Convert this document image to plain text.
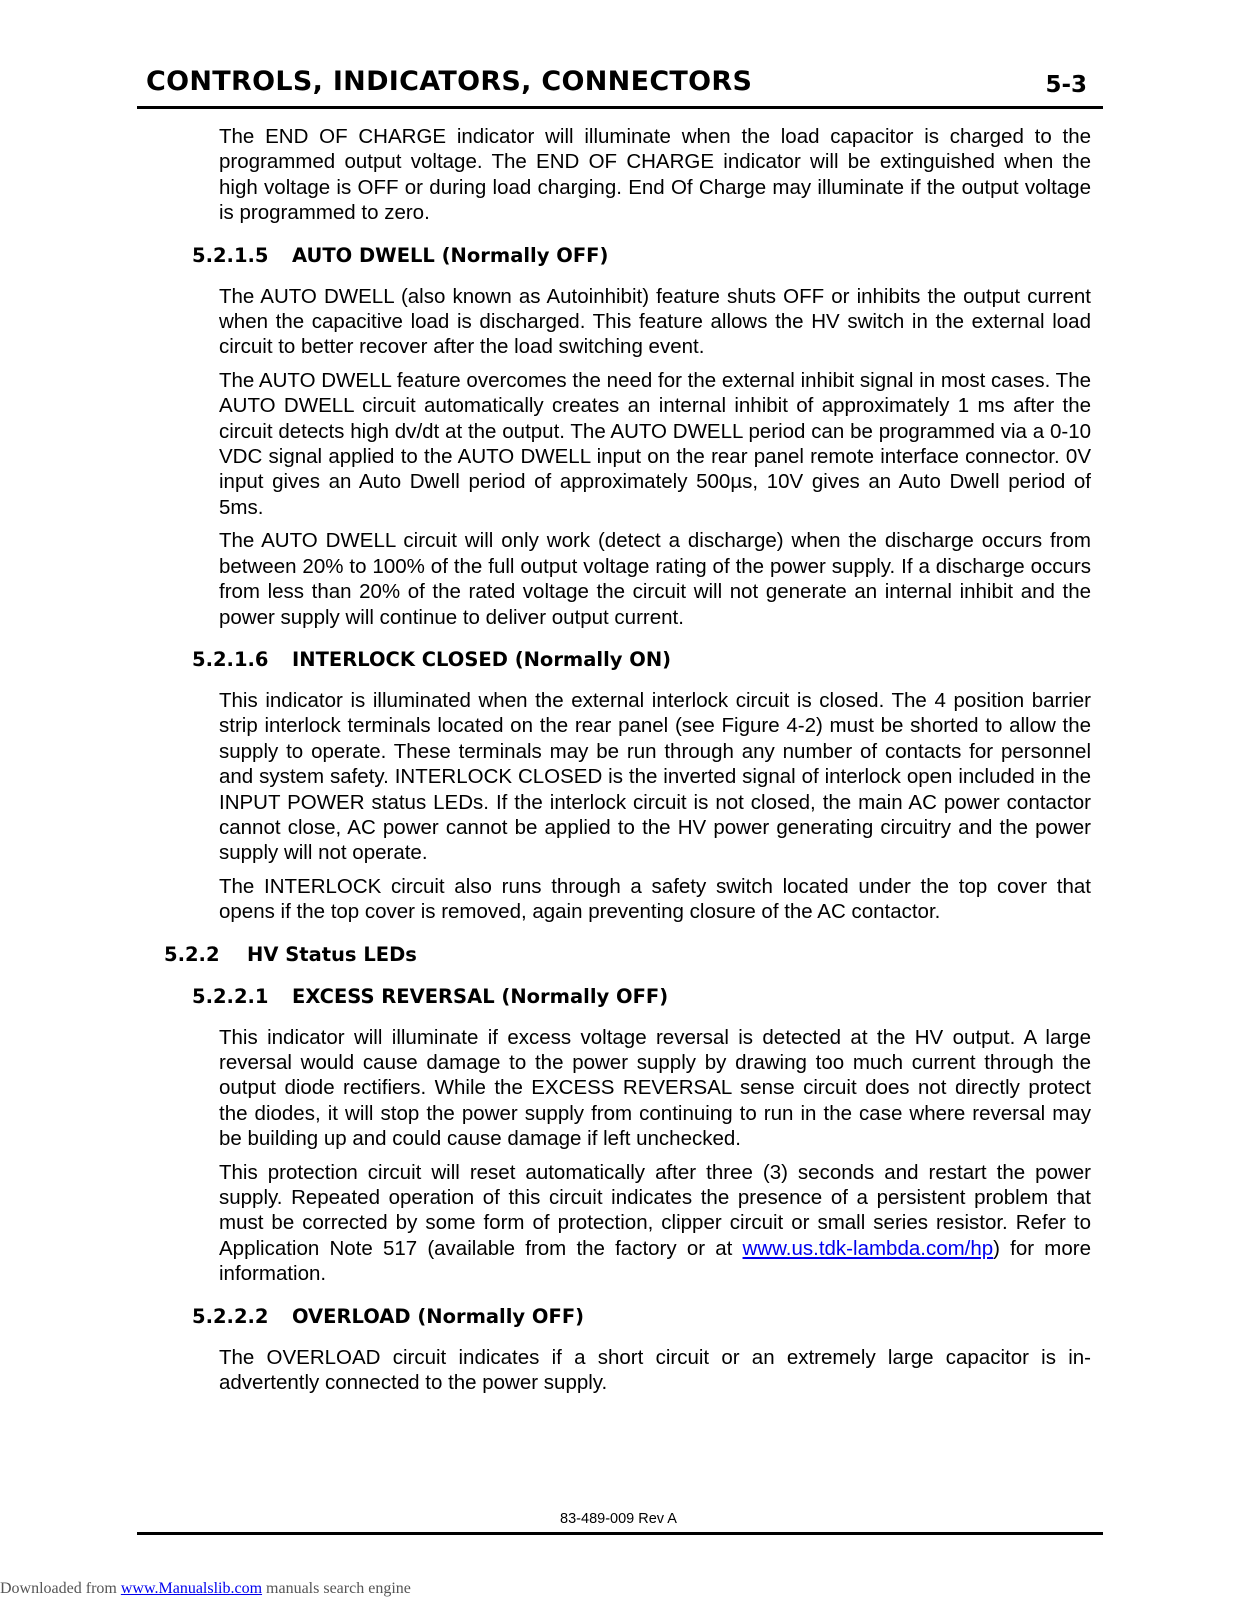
CONTROLS, INDICATORS, CONNECTORS	5-3

The END OF CHARGE indicator will illuminate when the load capacitor is charged to the programmed output voltage. The END OF CHARGE indicator will be extinguished when the high voltage is OFF or during load charging. End Of Charge may illuminate if the output voltage is programmed to zero.

5.2.1.5	AUTO DWELL (Normally OFF)

The AUTO DWELL (also known as Autoinhibit) feature shuts OFF or inhibits the output current when the capacitive load is discharged. This feature allows the HV switch in the external load circuit to better recover after the load switching event.

The AUTO DWELL feature overcomes the need for the external inhibit signal in most cases. The AUTO DWELL circuit automatically creates an internal inhibit of approximately 1 ms after the circuit detects high dv/dt at the output. The AUTO DWELL period can be programmed via a 0-10 VDC signal applied to the AUTO DWELL input on the rear panel remote interface connector. 0V input gives an Auto Dwell period of approximately 500µs, 10V gives an Auto Dwell period of 5ms.

The AUTO DWELL circuit will only work (detect a discharge) when the discharge occurs from between 20% to 100% of the full output voltage rating of the power supply. If a discharge occurs from less than 20% of the rated voltage the circuit will not generate an internal inhibit and the power supply will continue to deliver output current.

5.2.1.6	INTERLOCK CLOSED (Normally ON)

This indicator is illuminated when the external interlock circuit is closed. The 4 position barrier strip interlock terminals located on the rear panel (see Figure 4-2) must be shorted to allow the supply to operate. These terminals may be run through any number of contacts for personnel and system safety. INTERLOCK CLOSED is the inverted signal of interlock open included in the INPUT POWER status LEDs. If the interlock circuit is not closed, the main AC power contactor cannot close, AC power cannot be applied to the HV power generating circuitry and the power supply will not operate.

The INTERLOCK circuit also runs through a safety switch located under the top cover that opens if the top cover is removed, again preventing closure of the AC contactor.

5.2.2	HV Status LEDs
5.2.2.1	EXCESS REVERSAL (Normally OFF)

This indicator will illuminate if excess voltage reversal is detected at the HV output. A large reversal would cause damage to the power supply by drawing too much current through the output diode rectifiers. While the EXCESS REVERSAL sense circuit does not directly protect the diodes, it will stop the power supply from continuing to run in the case where reversal may be building up and could cause damage if left unchecked.

This protection circuit will reset automatically after three (3) seconds and restart the power supply. Repeated operation of this circuit indicates the presence of a persistent problem that must be corrected by some form of protection, clipper circuit or small series resistor. Refer to Application Note 517 (available from the factory or at www.us.tdk-lambda.com/hp) for more information.

5.2.2.2	OVERLOAD (Normally OFF)

The OVERLOAD circuit indicates if a short circuit or an extremely large capacitor is inadvertently connected to the power supply.

83-489-009 Rev A
Downloaded from www.Manualslib.com manuals search engine
